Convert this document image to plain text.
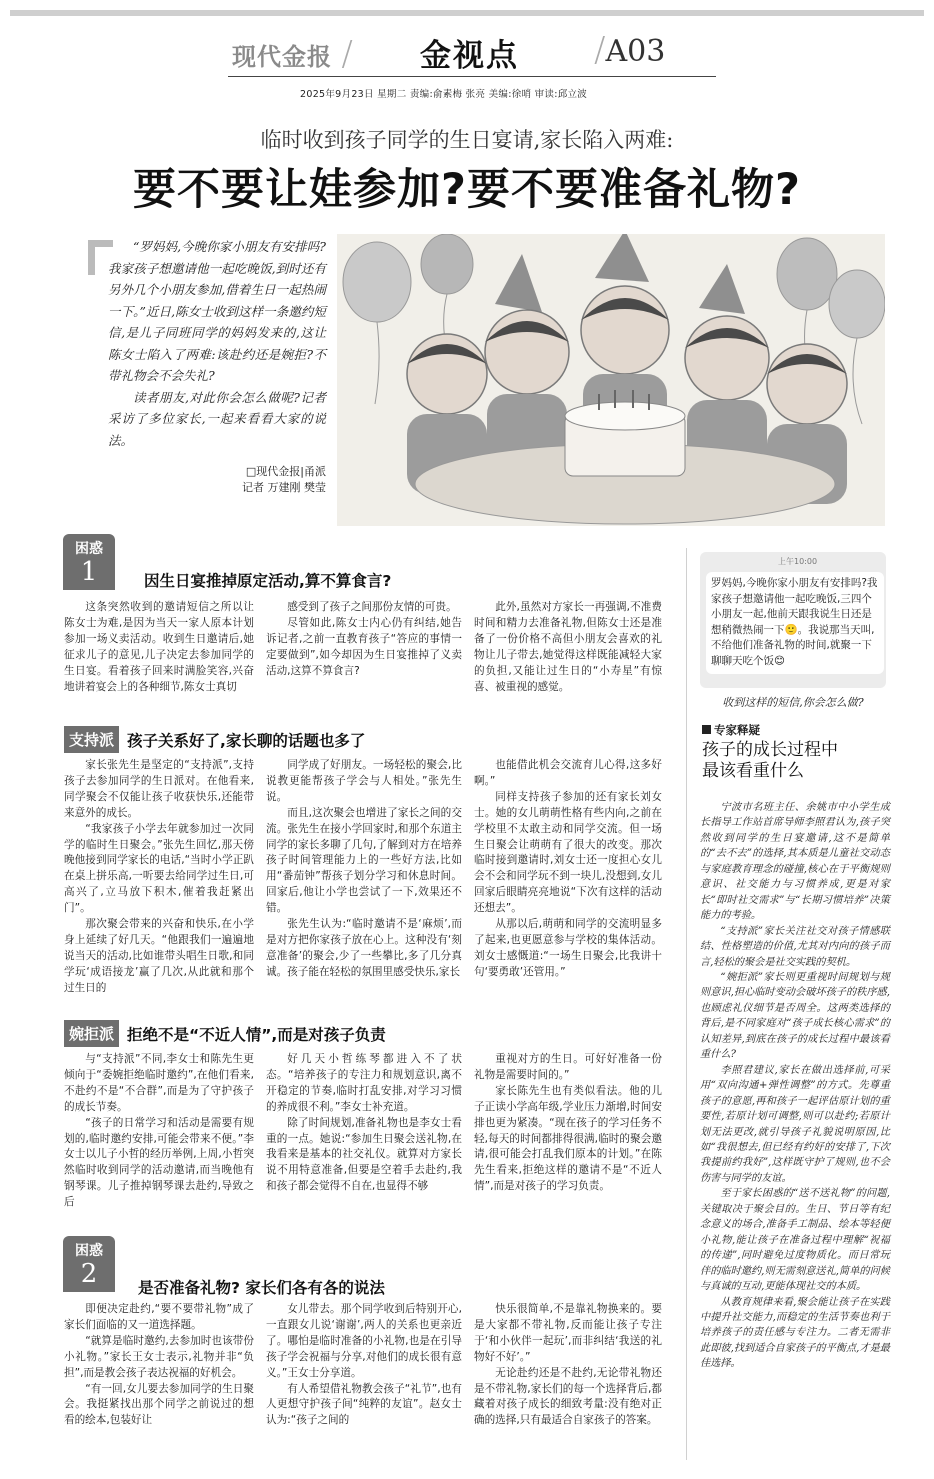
现代金报 / 金视点 /A03
2025年9月23日 星期二 责编:俞素梅 张亮 美编:徐哨 审读:邱立波
临时收到孩子同学的生日宴请,家长陷入两难:
要不要让娃参加?要不要准备礼物?

“罗妈妈,今晚你家小朋友有安排吗?我家孩子想邀请他一起吃晚饭,到时还有另外几个小朋友参加,借着生日一起热闹一下。”近日,陈女士收到这样一条邀约短信,是儿子同班同学的妈妈发来的,这让陈女士陷入了两难:该赴约还是婉拒?不带礼物会不会失礼?

读者朋友,对此你会怎么做呢?记者采访了多位家长,一起来看看大家的说法。

□现代金报|甬派
记者 万建刚 樊莹
困惑
1	因生日宴推掉原定活动,算不算食言?

这条突然收到的邀请短信之所以让陈女士为难,是因为当天一家人原本计划参加一场义卖活动。收到生日邀请后,她征求儿子的意见,儿子决定去参加同学的生日宴。看着孩子回来时满脸笑容,兴奋地讲着宴会上的各种细节,陈女士真切

感受到了孩子之间那份友情的可贵。

尽管如此,陈女士内心仍有纠结,她告诉记者,之前一直教育孩子“答应的事情一定要做到”,如今却因为生日宴推掉了义卖活动,这算不算食言?

此外,虽然对方家长一再强调,不准费时间和精力去准备礼物,但陈女士还是准备了一份价格不高但小朋友会喜欢的礼物让儿子带去,她觉得这样既能减轻大家的负担,又能让过生日的“小寿星”有惊喜、被重视的感觉。

上午10:00
罗妈妈,今晚你家小朋友有安排吗?我家孩子想邀请他一起吃晚饭,三四个小朋友一起,他前天跟我说生日还是想稍微热闹一下🙂。我说那当天叫,不给他们准备礼物的时间,就聚一下聊聊天吃个饭😊
收到这样的短信,你会怎么做?
支持派 孩子关系好了,家长聊的话题也多了

家长张先生是坚定的“支持派”,支持孩子去参加同学的生日派对。在他看来,同学聚会不仅能让孩子收获快乐,还能带来意外的成长。

“我家孩子小学去年就参加过一次同学的临时生日聚会。”张先生回忆,那天傍晚他接到同学家长的电话,“当时小学正趴在桌上拼乐高,一听要去给同学过生日,可高兴了,立马放下积木,催着我赶紧出门”。

那次聚会带来的兴奋和快乐,在小学身上延续了好几天。“他跟我们一遍遍地说当天的活动,比如谁带头唱生日歌,和同学玩‘成语接龙’赢了几次,从此就和那个过生日的

同学成了好朋友。一场轻松的聚会,比说教更能帮孩子学会与人相处。”张先生说。

而且,这次聚会也增进了家长之间的交流。张先生在接小学回家时,和那个东道主同学的家长多聊了几句,了解到对方在培养孩子时间管理能力上的一些好方法,比如用“番茄钟”帮孩子划分学习和休息时间。回家后,他让小学也尝试了一下,效果还不错。

张先生认为:“临时邀请不是‘麻烦’,而是对方把你家孩子放在心上。这种没有‘刻意准备’的聚会,少了一些攀比,多了几分真诚。孩子能在轻松的氛围里感受快乐,家长

也能借此机会交流育儿心得,这多好啊。”

同样支持孩子参加的还有家长刘女士。她的女儿萌萌性格有些内向,之前在学校里不太敢主动和同学交流。但一场生日聚会让萌萌有了很大的改变。那次临时接到邀请时,刘女士还一度担心女儿会不会和同学玩不到一块儿,没想到,女儿回家后眼睛亮亮地说“下次有这样的活动还想去”。

从那以后,萌萌和同学的交流明显多了起来,也更愿意参与学校的集体活动。刘女士感慨道:“一场生日聚会,比我讲十句‘要勇敢’还管用。”

婉拒派 拒绝不是“不近人情”,而是对孩子负责

与“支持派”不同,李女士和陈先生更倾向于“委婉拒绝临时邀约”,在他们看来,不赴约不是“不合群”,而是为了守护孩子的成长节奏。

“孩子的日常学习和活动是需要有规划的,临时邀约安排,可能会带来不便。”李女士以儿子小哲的经历举例,上周,小哲突然临时收到同学的活动邀请,而当晚他有钢琴课。儿子推掉钢琴课去赴约,导致之后

好几天小哲练琴都进入不了状态。“培养孩子的专注力和规划意识,离不开稳定的节奏,临时打乱安排,对学习习惯的养成很不利。”李女士补充道。

除了时间规划,准备礼物也是李女士看重的一点。她说:“参加生日聚会送礼物,在我看来是基本的社交礼仪。就算对方家长说不用特意准备,但要是空着手去赴约,我和孩子都会觉得不自在,也显得不够

重视对方的生日。可好好准备一份礼物是需要时间的。”

家长陈先生也有类似看法。他的儿子正读小学高年级,学业压力渐增,时间安排也更为紧凑。“现在孩子的学习任务不轻,每天的时间都排得很满,临时的聚会邀请,很可能会打乱我们原本的计划。”在陈先生看来,拒绝这样的邀请不是“不近人情”,而是对孩子的学习负责。

困惑
2	是否准备礼物? 家长们各有各的说法

即便决定赴约,“要不要带礼物”成了家长们面临的又一道选择题。

“就算是临时邀约,去参加时也该带份小礼物。”家长王女士表示,礼物并非“负担”,而是教会孩子表达祝福的好机会。

“有一回,女儿要去参加同学的生日聚会。我挺紧找出那个同学之前说过的想看的绘本,包装好让

女儿带去。那个同学收到后特别开心,一直跟女儿说‘谢谢’,两人的关系也更亲近了。哪怕是临时准备的小礼物,也是在引导孩子学会祝福与分享,对他们的成长很有意义。”王女士分享道。

有人希望借礼物教会孩子“礼节”,也有人更想守护孩子间“纯粹的友谊”。赵女士认为:“孩子之间的

快乐很简单,不是靠礼物换来的。要是大家都不带礼物,反而能让孩子专注于‘和小伙伴一起玩’,而非纠结‘我送的礼物好不好’。”

无论赴约还是不赴约,无论带礼物还是不带礼物,家长们的每一个选择背后,都藏着对孩子成长的细致考量:没有绝对正确的选择,只有最适合自家孩子的答案。

专家释疑
孩子的成长过程中
最该看重什么

宁波市名班主任、余姚市中小学生成长指导工作站首席导师李照君认为,孩子突然收到同学的生日宴邀请,这不是简单的“去不去”的选择,其本质是儿童社交动态与家庭教育理念的碰撞,核心在于平衡规则意识、社交能力与习惯养成,更是对家长“即时社交需求”与“长期习惯培养”决策能力的考验。

“支持派”家长关注社交对孩子情感联结、性格塑造的价值,尤其对内向的孩子而言,轻松的聚会是社交实践的契机。

“婉拒派”家长则更重视时间规划与规则意识,担心临时变动会破坏孩子的秩序感,也顾虑礼仪细节是否周全。这两类选择的背后,是不同家庭对“孩子成长核心需求”的认知差异,到底在孩子的成长过程中最该看重什么?

李照君建议,家长在做出选择前,可采用“双向沟通+弹性调整”的方式。先尊重孩子的意愿,再和孩子一起评估原计划的重要性,若原计划可调整,则可以赴约;若原计划无法更改,就引导孩子礼貌说明原因,比如“我很想去,但已经有约好的安排了,下次我提前约我好”,这样既守护了规则,也不会伤害与同学的友谊。

至于家长困惑的“送不送礼物”的问题,关键取决于聚会目的。生日、节日等有纪念意义的场合,准备手工制品、绘本等轻便小礼物,能让孩子在准备过程中理解“祝福的传递”,同时避免过度物质化。而日常玩伴的临时邀约,则无需刻意送礼,简单的问候与真诚的互动,更能体现社交的本质。

从教育规律来看,聚会能让孩子在实践中提升社交能力,而稳定的生活节奏也利于培养孩子的责任感与专注力。二者无需非此即彼,找到适合自家孩子的平衡点,才是最佳选择。
